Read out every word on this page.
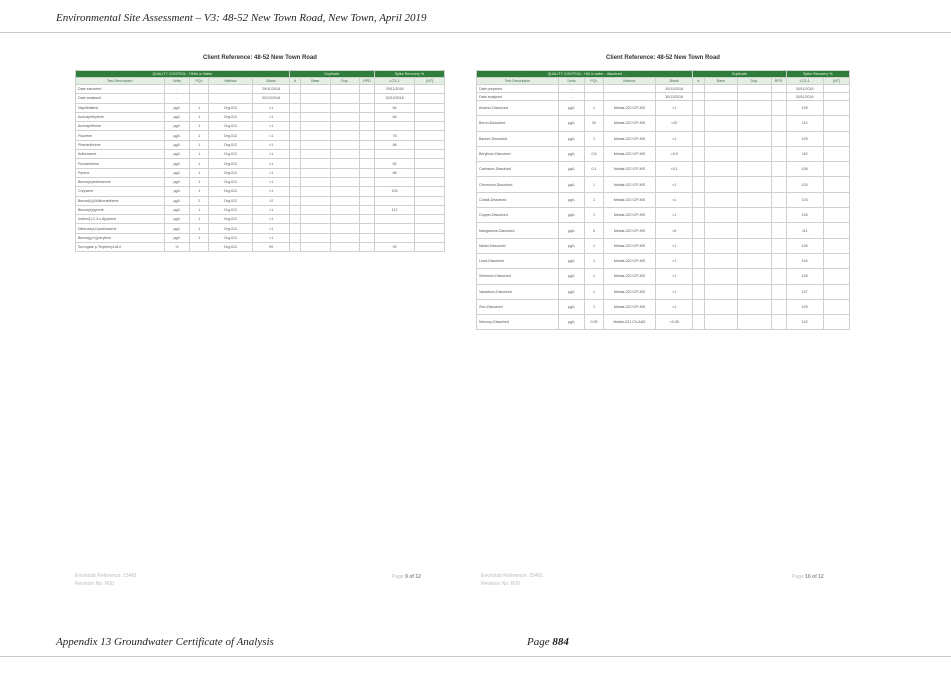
Environmental Site Assessment – V3: 48-52 New Town Road, New Town, April 2019
Client Reference: 48-52 New Town Road
QUALITY CONTROL : PAHs in Water					Duplicate				Spike Recovery %	
Test Description	Units	PQL	Method	Blank	#	Base	Dup.	RPD	LCS-1	[NT]
Date extracted	-			29/11/2018					29/11/2018	
Date analysed	-			02/12/2018					02/12/2018	
Naphthalene	µg/L	1	Org-012	<1					84	
Acenaphthylene	µg/L	1	Org-012	<1					84	
Acenaphthene	µg/L	1	Org-012	<1						
Fluorene	µg/L	1	Org-012	<1					76	
Phenanthrene	µg/L	1	Org-012	<1					86	
Anthracene	µg/L	1	Org-012	<1						
Fluoranthene	µg/L	1	Org-012	<1					82	
Pyrene	µg/L	1	Org-012	<1					86	
Benzo(a)anthracene	µg/L	1	Org-012	<1						
Chrysene	µg/L	1	Org-012	<1					100	
Benzo(b,j&k)fluoranthene	µg/L	2	Org-012	<2						
Benzo(a)pyrene	µg/L	1	Org-012	<1					112	
Indeno(1,2,3-c,d)pyrene	µg/L	1	Org-012	<1						
Dibenzo(a,h)anthracene	µg/L	1	Org-012	<1						
Benzo(g,h,i)perylene	µg/L	1	Org-012	<1						
Surrogate p-Terphenyl-d14	%		Org-012	99					90	
Client Reference: 48-52 New Town Road
QUALITY CONTROL : HM in water - dissolved					Duplicate				Spike Recovery %	
Test Description	Units	PQL	Method	Blank	#	Base	Dup.	RPD	LCS-1	[NT]
Date prepared	-			30/11/2018					30/11/2018	
Date analysed	-			30/11/2018					30/11/2018	
Arsenic-Dissolved	µg/L	1	Metals-022 ICP-MS	<1					109	
Boron-Dissolved	µg/L	20	Metals-022 ICP-MS	<20					113	
Barium-Dissolved	µg/L	1	Metals-022 ICP-MS	<1					109	
Beryllium-Dissolved	µg/L	0.5	Metals-022 ICP-MS	<0.5					115	
Cadmium-Dissolved	µg/L	0.1	Metals-022 ICP-MS	<0.1					106	
Chromium-Dissolved	µg/L	1	Metals-022 ICP-MS	<1					103	
Cobalt-Dissolved	µg/L	1	Metals-022 ICP-MS	<1					103	
Copper-Dissolved	µg/L	1	Metals-022 ICP-MS	<1					106	
Manganese-Dissolved	µg/L	5	Metals-022 ICP-MS	<5					111	
Nickel-Dissolved	µg/L	1	Metals-022 ICP-MS	<1					108	
Lead-Dissolved	µg/L	1	Metals-022 ICP-MS	<1					104	
Selenium-Dissolved	µg/L	1	Metals-022 ICP-MS	<1					108	
Vanadium-Dissolved	µg/L	1	Metals-022 ICP-MS	<1					107	
Zinc-Dissolved	µg/L	1	Metals-022 ICP-MS	<1					109	
Mercury-Dissolved	µg/L	0.05	Metals-021 CV-AAS	<0.05					102	
Envirolab Reference: 15481
Revision No: R00
Page 9 of 12	Envirolab Reference: 15481
Revision No: R00
Page 10 of 12
Appendix 13 Groundwater Certificate of Analysis	Page 884
